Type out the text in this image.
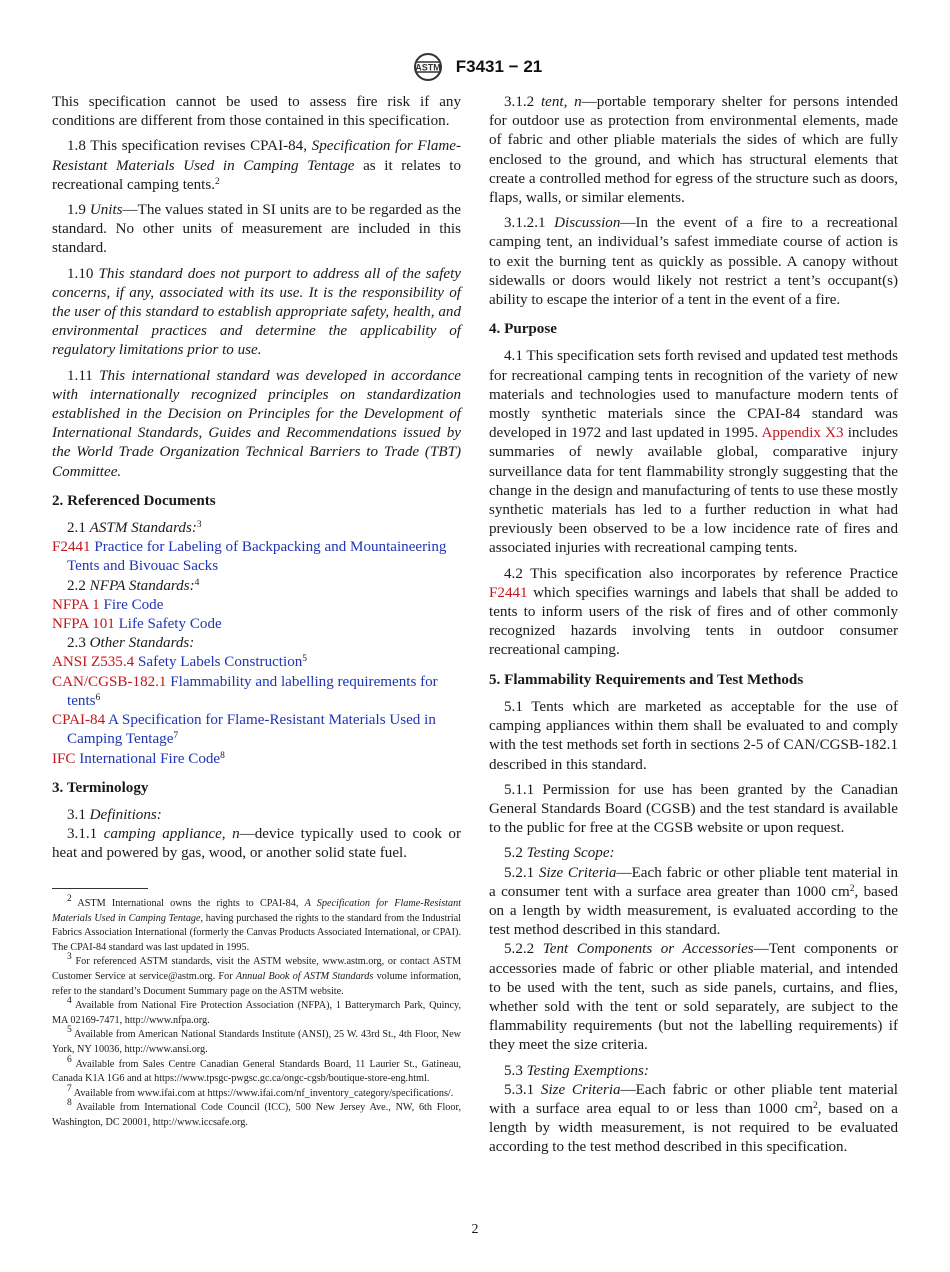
ASTM F3431 − 21

This specification cannot be used to assess fire risk if any conditions are different from those contained in this specification.

1.8 This specification revises CPAI-84, Specification for Flame-Resistant Materials Used in Camping Tentage as it relates to recreational camping tents.$^2$

1.9 Units—The values stated in SI units are to be regarded as the standard. No other units of measurement are included in this standard.

1.10 This standard does not purport to address all of the safety concerns, if any, associated with its use. It is the responsibility of the user of this standard to establish appropriate safety, health, and environmental practices and determine the applicability of regulatory limitations prior to use.

1.11 This international standard was developed in accordance with internationally recognized principles on standardization established in the Decision on Principles for the Development of International Standards, Guides and Recommendations issued by the World Trade Organization Technical Barriers to Trade (TBT) Committee.

2. Referenced Documents

2.1 ASTM Standards:$^3$

F2441 Practice for Labeling of Backpacking and Mountaineering Tents and Bivouac Sacks

2.2 NFPA Standards:$^4$

NFPA 1 Fire Code

NFPA 101 Life Safety Code

2.3 Other Standards:

ANSI Z535.4 Safety Labels Construction$^5$

CAN/CGSB-182.1 Flammability and labelling requirements for tents$^6$

CPAI-84 A Specification for Flame-Resistant Materials Used in Camping Tentage$^7$

IFC International Fire Code$^8$

3. Terminology

3.1 Definitions:

3.1.1 camping appliance, n—device typically used to cook or heat and powered by gas, wood, or another solid state fuel.

$^2$ ASTM International owns the rights to CPAI-84, A Specification for Flame-Resistant Materials Used in Camping Tentage, having purchased the rights to the standard from the Industrial Fabrics Association International (formerly the Canvas Products Associated International, or CPAI). The CPAI-84 standard was last updated in 1995.

$^3$ For referenced ASTM standards, visit the ASTM website, www.astm.org, or contact ASTM Customer Service at service@astm.org. For Annual Book of ASTM Standards volume information, refer to the standard’s Document Summary page on the ASTM website.

$^4$ Available from National Fire Protection Association (NFPA), 1 Batterymarch Park, Quincy, MA 02169-7471, http://www.nfpa.org.

$^5$ Available from American National Standards Institute (ANSI), 25 W. 43rd St., 4th Floor, New York, NY 10036, http://www.ansi.org.

$^6$ Available from Sales Centre Canadian General Standards Board, 11 Laurier St., Gatineau, Canada K1A 1G6 and at https://www.tpsgc-pwgsc.gc.ca/ongc-cgsb/boutique-store-eng.html.

$^7$ Available from www.ifai.com at https://www.ifai.com/nf_inventory_category/specifications/.

$^8$ Available from International Code Council (ICC), 500 New Jersey Ave., NW, 6th Floor, Washington, DC 20001, http://www.iccsafe.org.

3.1.2 tent, n—portable temporary shelter for persons intended for outdoor use as protection from environmental elements, made of fabric and other pliable materials the sides of which are fully enclosed to the ground, and which has structural elements that create a controlled method for egress of the structure such as doors, flaps, walls, or similar elements.

3.1.2.1 Discussion—In the event of a fire to a recreational camping tent, an individual’s safest immediate course of action is to exit the burning tent as quickly as possible. A canopy without sidewalls or doors would likely not restrict a tent’s occupant(s) ability to escape the interior of a tent in the event of a fire.

4. Purpose

4.1 This specification sets forth revised and updated test methods for recreational camping tents in recognition of the variety of new materials and technologies used to manufacture modern tents of mostly synthetic materials since the CPAI-84 standard was developed in 1972 and last updated in 1995. Appendix X3 includes summaries of newly available global, comparative injury surveillance data for tent flammability strongly suggesting that the change in the design and manufacturing of tents to use these mostly synthetic materials has led to a further reduction in what had previously been observed to be a low incidence rate of fires and associated injuries with recreational camping tents.

4.2 This specification also incorporates by reference Practice F2441 which specifies warnings and labels that shall be added to tents to inform users of the risk of fires and of other commonly recognized hazards involving tents in outdoor consumer recreational camping.

5. Flammability Requirements and Test Methods

5.1 Tents which are marketed as acceptable for the use of camping appliances within them shall be evaluated to and comply with the test methods set forth in sections 2-5 of CAN/CGSB-182.1 described in this standard.

5.1.1 Permission for use has been granted by the Canadian General Standards Board (CGSB) and the test standard is available to the public for free at the CGSB website or upon request.

5.2 Testing Scope:

5.2.1 Size Criteria—Each fabric or other pliable tent material in a consumer tent with a surface area greater than 1000 $cm^2$, based on a length by width measurement, is evaluated according to the test method described in this standard.

5.2.2 Tent Components or Accessories—Tent components or accessories made of fabric or other pliable material, and intended to be used with the tent, such as side panels, curtains, and flies, whether sold with the tent or sold separately, are subject to the flammability requirements (but not the labelling requirements) if they meet the size criteria.

5.3 Testing Exemptions:

5.3.1 Size Criteria—Each fabric or other pliable tent material with a surface area equal to or less than 1000 $cm^2$, based on a length by width measurement, is not required to be evaluated according to the test method described in this specification.

2
